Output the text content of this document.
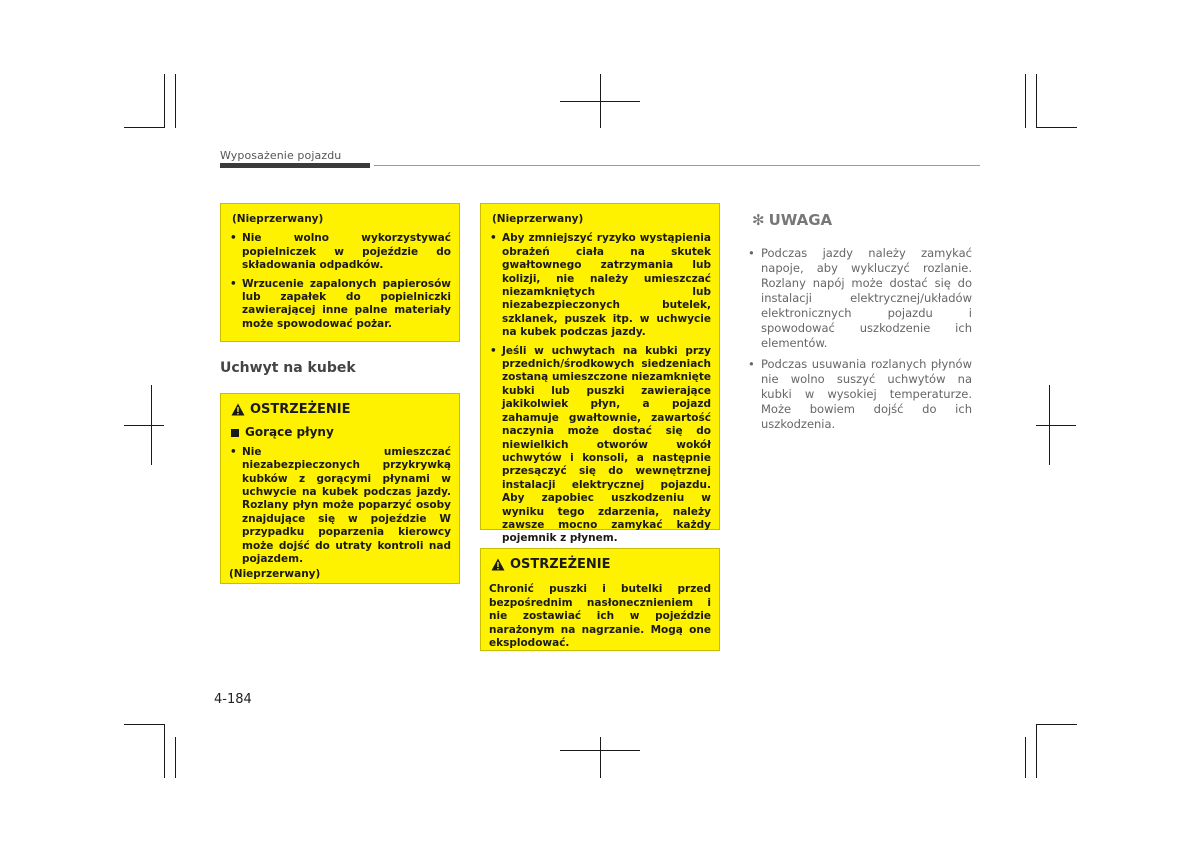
Wyposażenie pojazdu

(Nieprzerwany)

• Nie wolno wykorzystywać popielniczek w pojeździe do składowania odpadków.
• Wrzucenie zapalonych papierosów lub zapałek do popielniczki zawierającej inne palne materiały może spowodować pożar.
Uchwyt na kubek
OSTRZEŻENIE
Gorące płyny
• Nie umieszczać niezabezpieczonych przykrywką kubków z gorącymi płynami w uchwycie na kubek podczas jazdy. Rozlany płyn może poparzyć osoby znajdujące się w pojeździe W przypadku poparzenia kierowcy może dojść do utraty kontroli nad pojazdem.

(Nieprzerwany)

(Nieprzerwany)

• Aby zmniejszyć ryzyko wystąpienia obrażeń ciała na skutek gwałtownego zatrzymania lub kolizji, nie należy umieszczać niezamkniętych lub niezabezpieczonych butelek, szklanek, puszek itp. w uchwycie na kubek podczas jazdy.
• Jeśli w uchwytach na kubki przy przednich/środkowych siedzeniach zostaną umieszczone niezamknięte kubki lub puszki zawierające jakikolwiek płyn, a pojazd zahamuje gwałtownie, zawartość naczynia może dostać się do niewielkich otworów wokół uchwytów i konsoli, a następnie przesączyć się do wewnętrznej instalacji elektrycznej pojazdu. Aby zapobiec uszkodzeniu w wyniku tego zdarzenia, należy zawsze mocno zamykać każdy pojemnik z płynem.
OSTRZEŻENIE

Chronić puszki i butelki przed bezpośrednim nasłonecznieniem i nie zostawiać ich w pojeździe narażonym na nagrzanie. Mogą one eksplodować.

✻ UWAGA
• Podczas jazdy należy zamykać napoje, aby wykluczyć rozlanie. Rozlany napój może dostać się do instalacji elektrycznej/układów elektronicznych pojazdu i spowodować uszkodzenie ich elementów.
• Podczas usuwania rozlanych płynów nie wolno suszyć uchwytów na kubki w wysokiej temperaturze. Może bowiem dojść do ich uszkodzenia.
4-184
